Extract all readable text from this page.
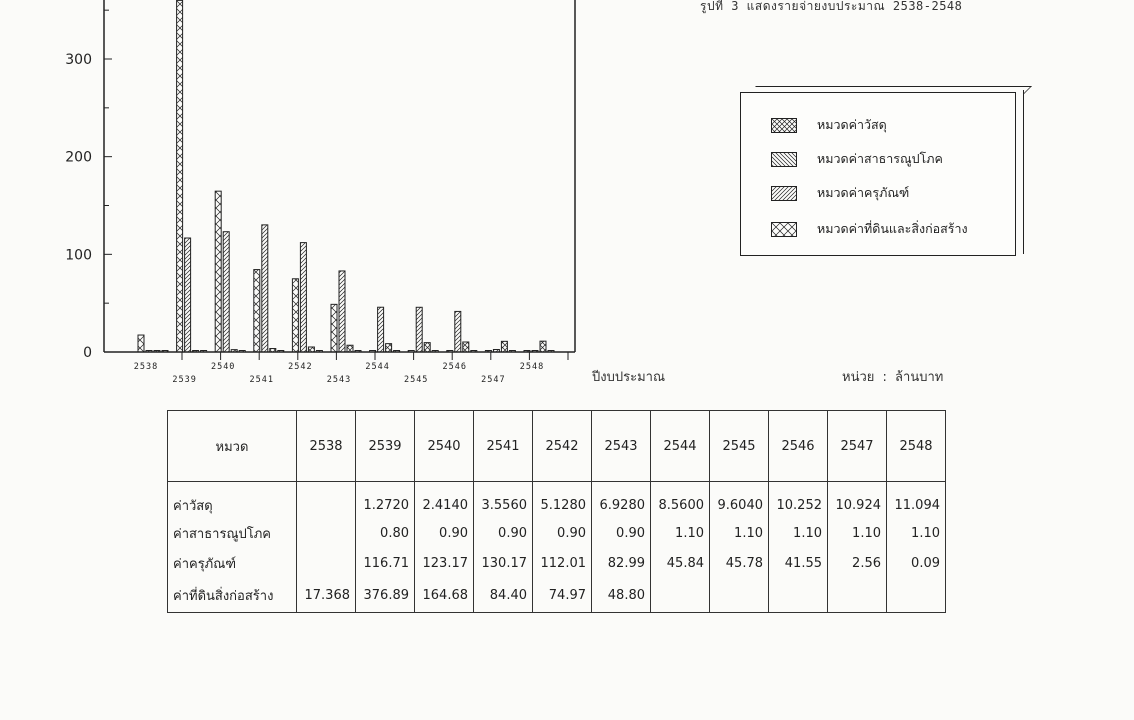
0
100
200
300
2538
2539
2540
2541
2542
2543
2544
2545
2546
2547
2548
รูปที่ 3 แสดงรายจ่ายงบประมาณ 2538-2548
ปีงบประมาณ	หน่วย : ล้านบาท
หมวดค่าวัสดุ
หมวดค่าสาธารณูปโภค
หมวดค่าครุภัณฑ์
หมวดค่าที่ดินและสิ่งก่อสร้าง
หมวด	2538	2539	2540	2541	2542	2543	2544	2545	2546	2547	2548
ค่าวัสดุ		1.2720	2.4140	3.5560	5.1280	6.9280	8.5600	9.6040	10.252	10.924	11.094
ค่าสาธารณูปโภค		0.80	0.90	0.90	0.90	0.90	1.10	1.10	1.10	1.10	1.10
ค่าครุภัณฑ์		116.71	123.17	130.17	112.01	82.99	45.84	45.78	41.55	2.56	0.09
ค่าที่ดินสิ่งก่อสร้าง	17.368	376.89	164.68	84.40	74.97	48.80					
